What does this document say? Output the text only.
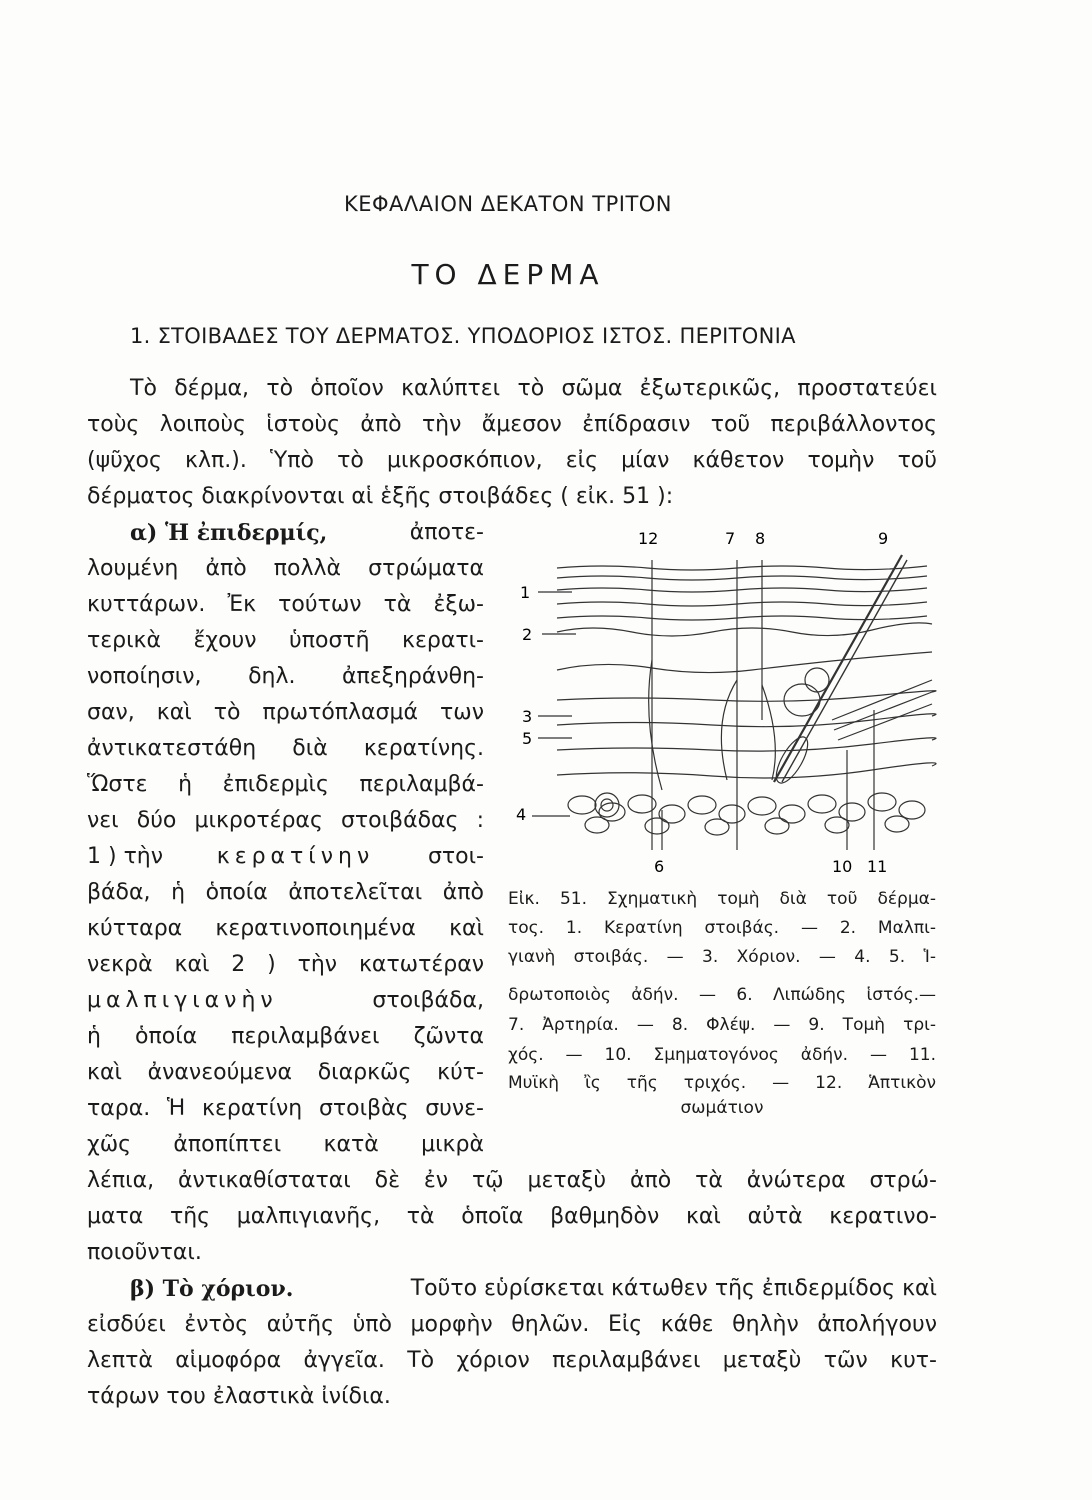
ΚΕΦΑΛΑΙΟΝ ΔΕΚΑΤΟΝ ΤΡΙΤΟΝ
ΤΟ ΔΕΡΜΑ
1. ΣΤΟΙΒΑΔΕΣ ΤΟΥ ΔΕΡΜΑΤΟΣ. ΥΠΟΔΟΡΙΟΣ ΙΣΤΟΣ. ΠΕΡΙΤΟΝΙΑ
Τὸ δέρμα, τὸ ὁποῖον καλύπτει τὸ σῶμα ἐξωτερικῶς, προστατεύει
τοὺς λοιποὺς ἱστοὺς ἀπὸ τὴν ἄμεσον ἐπίδρασιν τοῦ περιβάλλοντος
(ψῦχος κλπ.). Ὑπὸ τὸ μικροσκόπιον, εἰς μίαν κάθετον τομὴν τοῦ
δέρματος διακρίνονται αἱ ἑξῆς στοιβάδες ( εἰκ. 51 ):
α) Ἡ ἐπιδερμίς,	ἀποτε-
λουμένη ἀπὸ πολλὰ στρώματα
κυττάρων. Ἐκ τούτων τὰ ἐξω-
τερικὰ ἔχουν ὑποστῆ κερατι-
νοποίησιν, δηλ. ἀπεξηράνθη-
σαν, καὶ τὸ πρωτόπλασμά των
ἀντικατεστάθη διὰ κερατίνης.
Ὥστε ἡ ἐπιδερμὶς περιλαμβά-
νει δύο μικροτέρας στοιβάδας :
1 ) τὴν κερατίνην στοι-
βάδα, ἡ ὁποία ἀποτελεῖται ἀπὸ
κύτταρα κερατινοποιημένα καὶ
νεκρὰ καὶ 2 ) τὴν κατωτέραν
μαλπιγιανὴν	στοιβάδα,
ἡ ὁποία περιλαμβάνει ζῶντα
καὶ ἀνανεούμενα διαρκῶς κύτ-
ταρα. Ἡ κερατίνη στοιβὰς συνε-
χῶς ἀποπίπτει κατὰ μικρὰ
λέπια, ἀντικαθίσταται δὲ ἐν τῷ μεταξὺ ἀπὸ τὰ ἀνώτερα στρώ-
ματα τῆς μαλπιγιανῆς, τὰ ὁποῖα βαθμηδὸν καὶ αὐτὰ κερατινο-
ποιοῦνται.
β) Τὸ χόριον.	Τοῦτο εὑρίσκεται κάτωθεν τῆς ἐπιδερμίδος καὶ
εἰσδύει ἐντὸς αὐτῆς ὑπὸ μορφὴν θηλῶν. Εἰς κάθε θηλὴν ἀπολήγουν
λεπτὰ αἱμοφόρα ἀγγεῖα. Τὸ χόριον περιλαμβάνει μεταξὺ τῶν κυτ-
τάρων του ἐλαστικὰ ἰνίδια.
12	7 8	9
1
2
3
5
4
6	10 11
Εἰκ. 51. Σχηματικὴ τομὴ διὰ τοῦ δέρμα-
τος. 1. Κερατίνη στοιβάς. — 2. Μαλπι-
γιανὴ στοιβάς. — 3. Χόριον. — 4. 5. Ἱ-
δρωτοποιὸς ἀδήν. — 6. Λιπώδης ἱστός.—
7. Ἀρτηρία. — 8. Φλέψ. — 9. Τομὴ τρι-
χός. — 10. Σμηματογόνος ἀδήν. — 11.
Μυϊκὴ ἲς τῆς τριχός. — 12. Ἁπτικὸν
σωμάτιον
